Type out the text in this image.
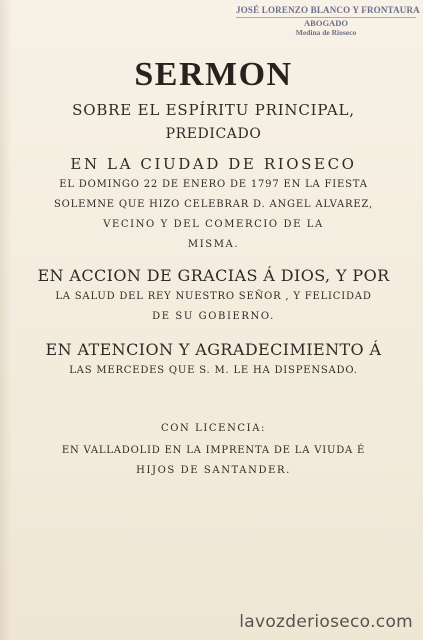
JOSÉ LORENZO BLANCO Y FRONTAURA
ABOGADO
Medina de Rioseco
SERMON

SOBRE EL ESPÍRITU PRINCIPAL,

PREDICADO

EN LA CIUDAD DE RIOSECO

EL DOMINGO 22 DE ENERO DE 1797 EN LA FIESTA

SOLEMNE QUE HIZO CELEBRAR D. ANGEL ALVAREZ,

VECINO Y DEL COMERCIO DE LA

MISMA.

EN ACCION DE GRACIAS Á DIOS, Y POR

LA SALUD DEL REY NUESTRO SEÑOR , Y FELICIDAD

DE SU GOBIERNO.

EN ATENCION Y AGRADECIMIENTO Á

LAS MERCEDES QUE S. M. LE HA DISPENSADO.

CON LICENCIA:

EN VALLADOLID EN LA IMPRENTA DE LA VIUDA É

HIJOS DE SANTANDER.

lavozderioseco.com
